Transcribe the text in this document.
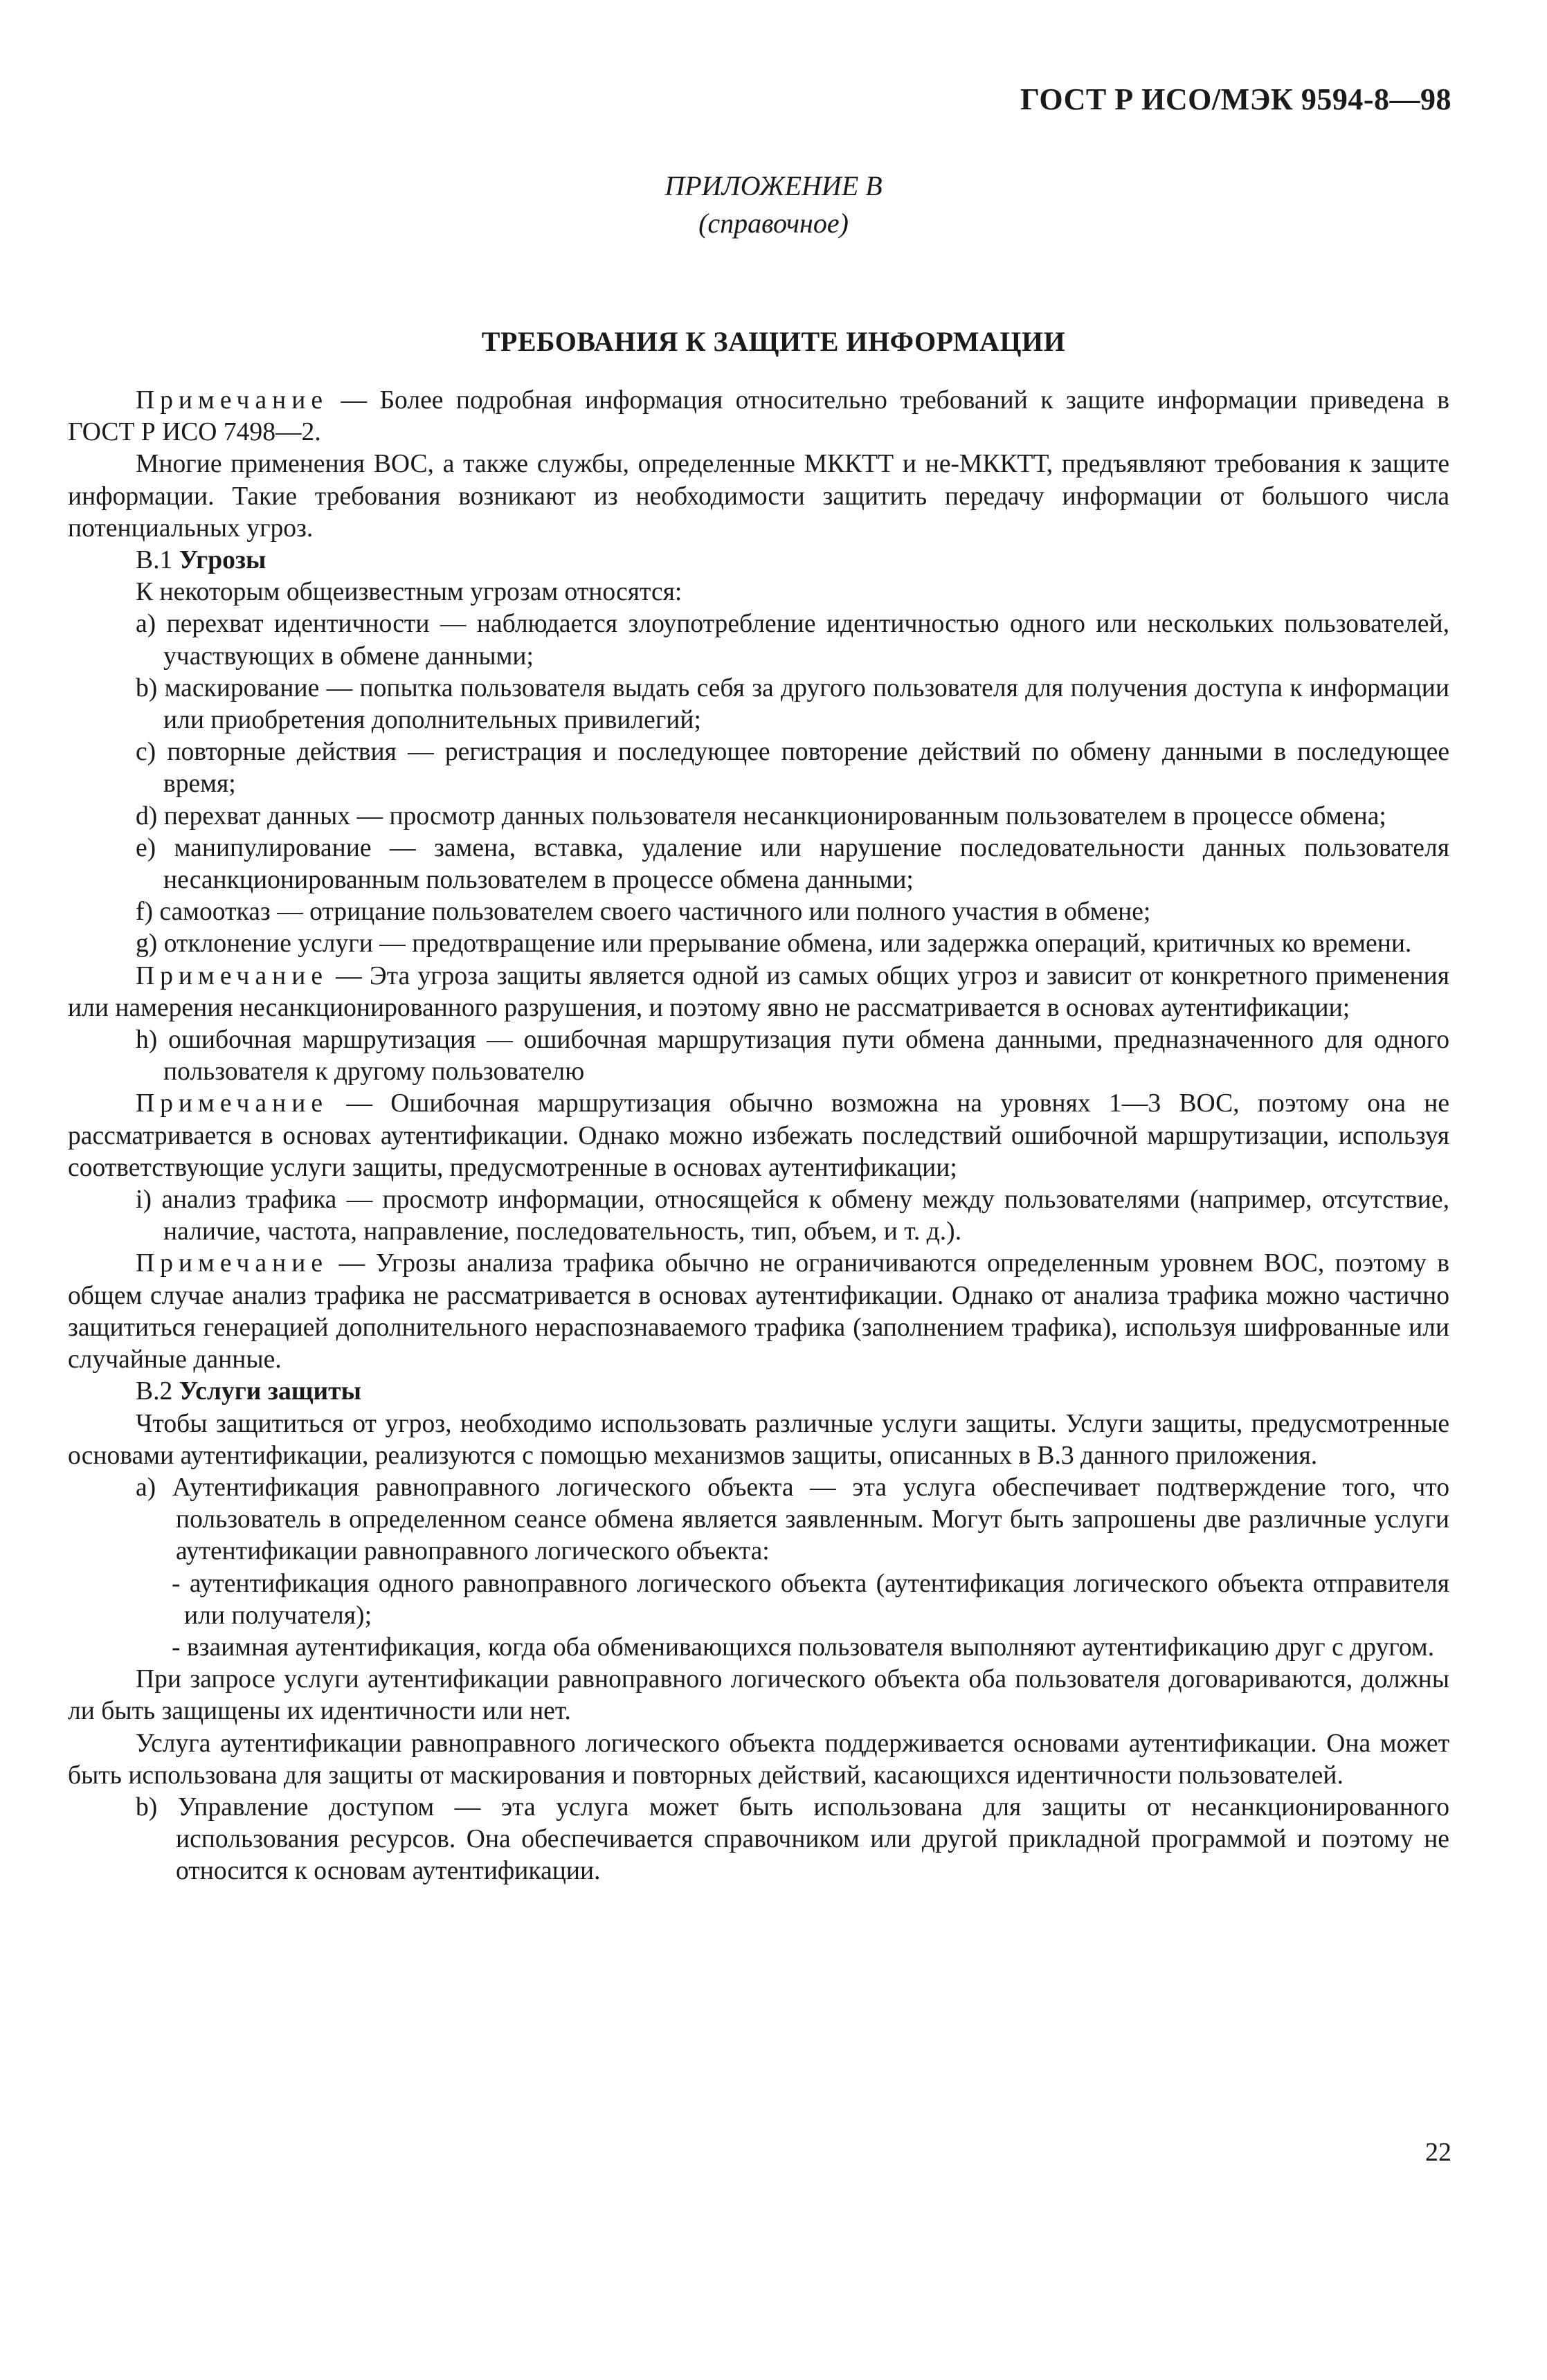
ГОСТ Р ИСО/МЭК 9594-8—98
ПРИЛОЖЕНИЕ В
(справочное)
ТРЕБОВАНИЯ К ЗАЩИТЕ ИНФОРМАЦИИ

Примечание — Более подробная информация относительно требований к защите информации приведена в ГОСТ Р ИСО 7498—2.

Многие применения ВОС, а также службы, определенные МККТТ и не-МККТТ, предъявляют требования к защите информации. Такие требования возникают из необходимости защитить передачу информации от большого числа потенциальных угроз.

В.1 Угрозы

К некоторым общеизвестным угрозам относятся:

а) перехват идентичности — наблюдается злоупотребление идентичностью одного или нескольких пользователей, участвующих в обмене данными;

b) маскирование — попытка пользователя выдать себя за другого пользователя для получения доступа к информации или приобретения дополнительных привилегий;

с) повторные действия — регистрация и последующее повторение действий по обмену данными в последующее время;

d) перехват данных — просмотр данных пользователя несанкционированным пользователем в процессе обмена;

е) манипулирование — замена, вставка, удаление или нарушение последовательности данных пользователя несанкционированным пользователем в процессе обмена данными;

f) самоотказ — отрицание пользователем своего частичного или полного участия в обмене;

g) отклонение услуги — предотвращение или прерывание обмена, или задержка операций, критичных ко времени.

Примечание — Эта угроза защиты является одной из самых общих угроз и зависит от конкретного применения или намерения несанкционированного разрушения, и поэтому явно не рассматривается в основах аутентификации;

h) ошибочная маршрутизация — ошибочная маршрутизация пути обмена данными, предназначенного для одного пользователя к другому пользователю

Примечание — Ошибочная маршрутизация обычно возможна на уровнях 1—3 ВОС, поэтому она не рассматривается в основах аутентификации. Однако можно избежать последствий ошибочной маршрутизации, используя соответствующие услуги защиты, предусмотренные в основах аутентификации;

i) анализ трафика — просмотр информации, относящейся к обмену между пользователями (например, отсутствие, наличие, частота, направление, последовательность, тип, объем, и т. д.).

Примечание — Угрозы анализа трафика обычно не ограничиваются определенным уровнем ВОС, поэтому в общем случае анализ трафика не рассматривается в основах аутентификации. Однако от анализа трафика можно частично защититься генерацией дополнительного нераспознаваемого трафика (заполнением трафика), используя шифрованные или случайные данные.

В.2 Услуги защиты

Чтобы защититься от угроз, необходимо использовать различные услуги защиты. Услуги защиты, предусмотренные основами аутентификации, реализуются с помощью механизмов защиты, описанных в В.3 данного приложения.

а) Аутентификация равноправного логического объекта — эта услуга обеспечивает подтверждение того, что пользователь в определенном сеансе обмена является заявленным. Могут быть запрошены две различные услуги аутентификации равноправного логического объекта:

- аутентификация одного равноправного логического объекта (аутентификация логического объекта отправителя или получателя);

- взаимная аутентификация, когда оба обменивающихся пользователя выполняют аутентификацию друг с другом.

При запросе услуги аутентификации равноправного логического объекта оба пользователя договариваются, должны ли быть защищены их идентичности или нет.

Услуга аутентификации равноправного логического объекта поддерживается основами аутентификации. Она может быть использована для защиты от маскирования и повторных действий, касающихся идентичности пользователей.

b) Управление доступом — эта услуга может быть использована для защиты от несанкционированного использования ресурсов. Она обеспечивается справочником или другой прикладной программой и поэтому не относится к основам аутентификации.

22
